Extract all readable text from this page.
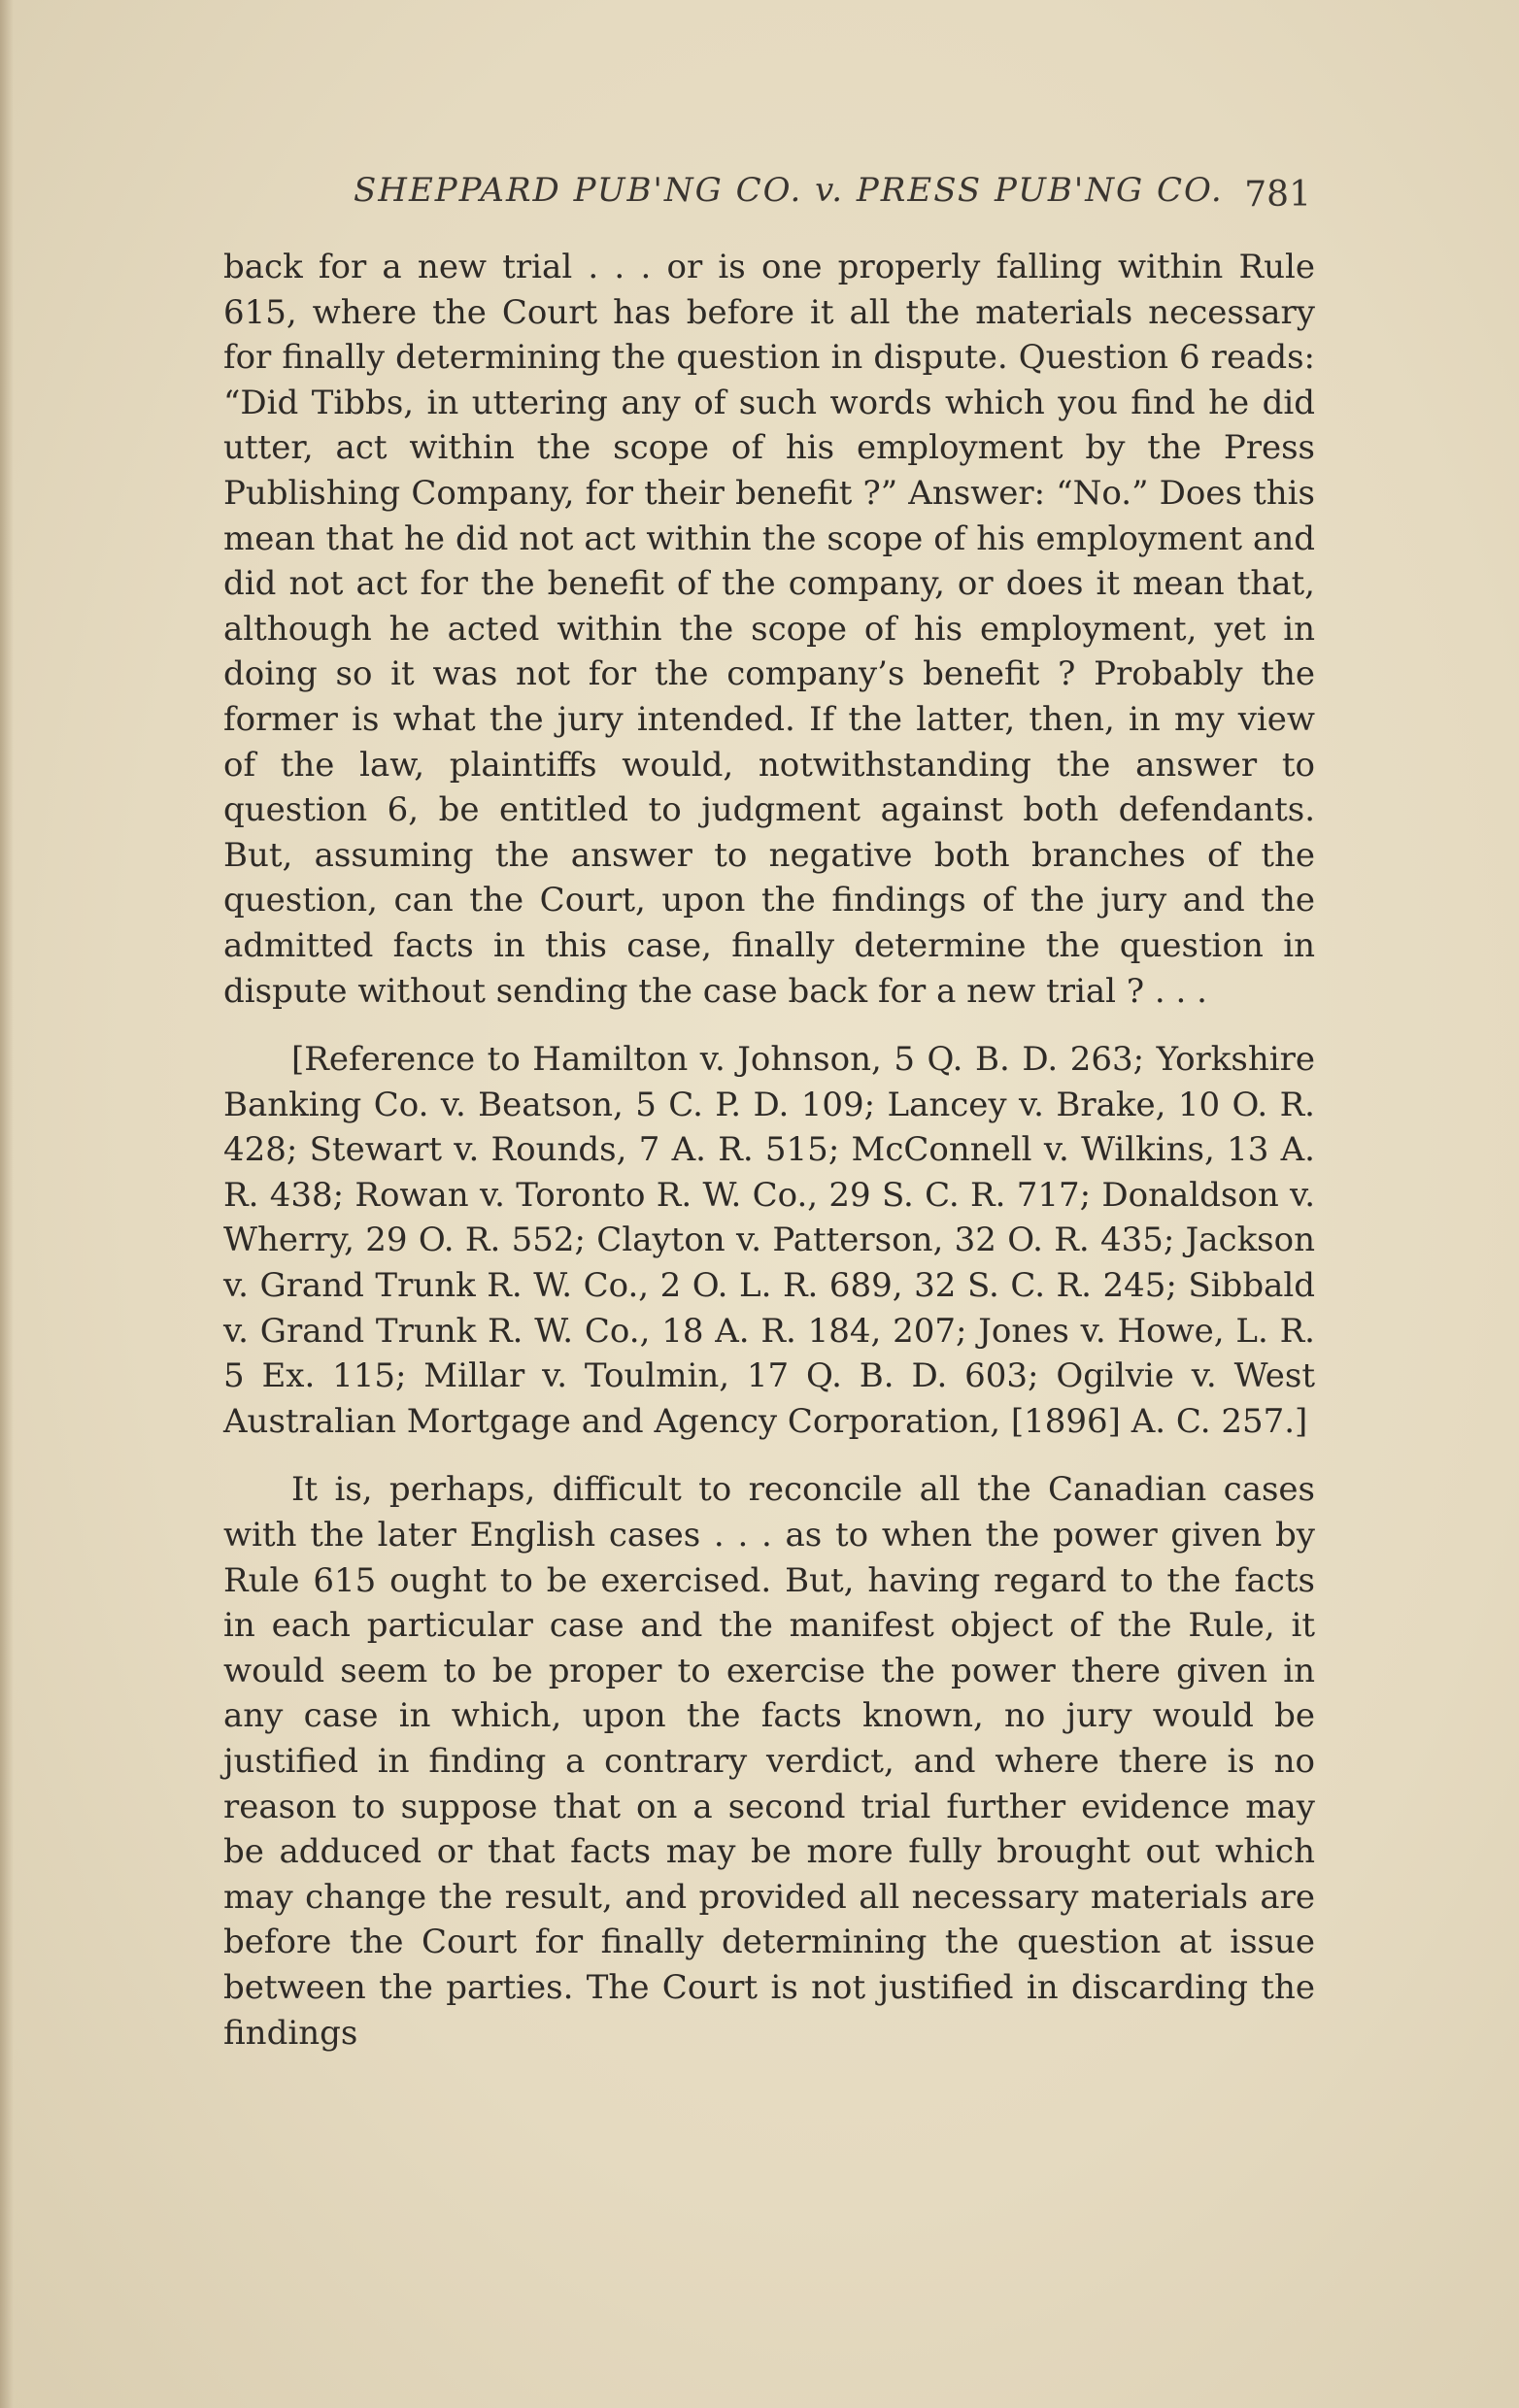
SHEPPARD PUB'NG CO. v. PRESS PUB'NG CO. 781

back for a new trial . . . or is one properly falling within Rule 615, where the Court has before it all the materials necessary for finally determining the question in dispute. Question 6 reads: “Did Tibbs, in uttering any of such words which you find he did utter, act within the scope of his employment by the Press Publishing Company, for their benefit ?” Answer: “No.” Does this mean that he did not act within the scope of his employment and did not act for the benefit of the company, or does it mean that, although he acted within the scope of his employment, yet in doing so it was not for the company’s benefit ? Probably the former is what the jury intended. If the latter, then, in my view of the law, plaintiffs would, notwithstanding the answer to question 6, be entitled to judgment against both defendants. But, assuming the answer to negative both branches of the question, can the Court, upon the findings of the jury and the admitted facts in this case, finally determine the question in dispute without sending the case back for a new trial ? . . .

[Reference to Hamilton v. Johnson, 5 Q. B. D. 263; Yorkshire Banking Co. v. Beatson, 5 C. P. D. 109; Lancey v. Brake, 10 O. R. 428; Stewart v. Rounds, 7 A. R. 515; McConnell v. Wilkins, 13 A. R. 438; Rowan v. Toronto R. W. Co., 29 S. C. R. 717; Donaldson v. Wherry, 29 O. R. 552; Clayton v. Patterson, 32 O. R. 435; Jackson v. Grand Trunk R. W. Co., 2 O. L. R. 689, 32 S. C. R. 245; Sibbald v. Grand Trunk R. W. Co., 18 A. R. 184, 207; Jones v. Howe, L. R. 5 Ex. 115; Millar v. Toulmin, 17 Q. B. D. 603; Ogilvie v. West Australian Mortgage and Agency Corporation, [1896] A. C. 257.]

It is, perhaps, difficult to reconcile all the Canadian cases with the later English cases . . . as to when the power given by Rule 615 ought to be exercised. But, having regard to the facts in each particular case and the manifest object of the Rule, it would seem to be proper to exercise the power there given in any case in which, upon the facts known, no jury would be justified in finding a contrary verdict, and where there is no reason to suppose that on a second trial further evidence may be adduced or that facts may be more fully brought out which may change the result, and provided all necessary materials are before the Court for finally determining the question at issue between the parties. The Court is not justified in discarding the findings
